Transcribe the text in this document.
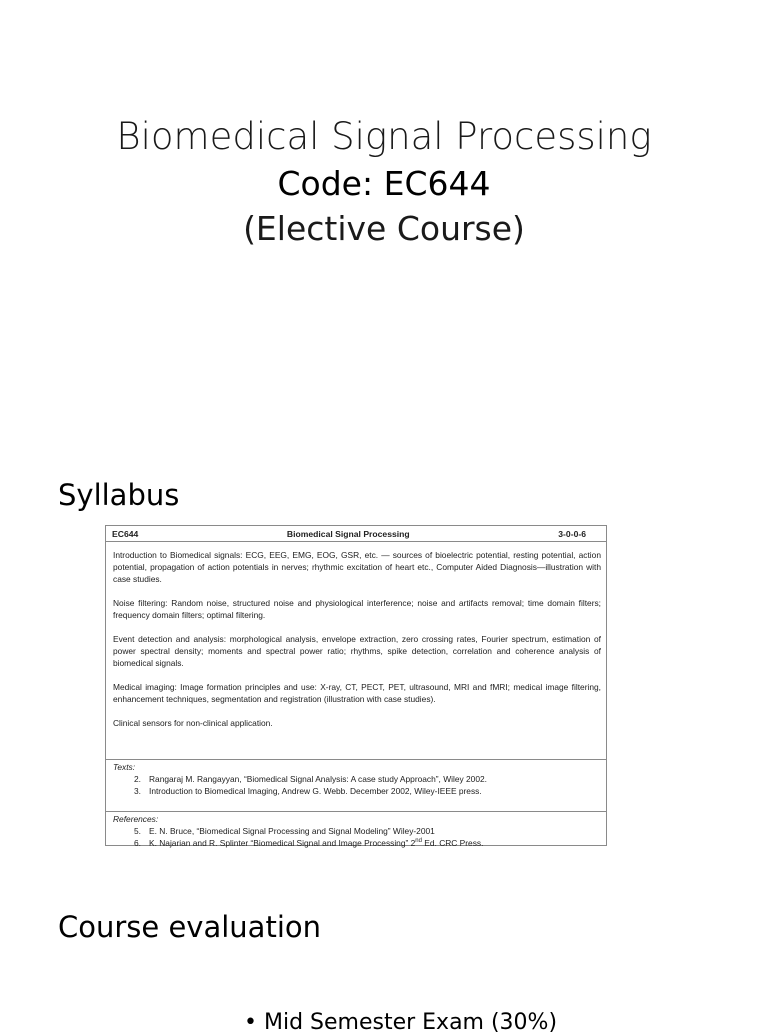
Biomedical Signal Processing
Code: EC644
(Elective Course)
Syllabus
EC644	Biomedical Signal Processing	3-0-0-6

Introduction to Biomedical signals: ECG, EEG, EMG, EOG, GSR, etc. — sources of bioelectric potential, resting potential, action potential, propagation of action potentials in nerves; rhythmic excitation of heart etc., Computer Aided Diagnosis—illustration with case studies.

Noise filtering: Random noise, structured noise and physiological interference; noise and artifacts removal; time domain filters; frequency domain filters; optimal filtering.

Event detection and analysis: morphological analysis, envelope extraction, zero crossing rates, Fourier spectrum, estimation of power spectral density; moments and spectral power ratio; rhythms, spike detection, correlation and coherence analysis of biomedical signals.

Medical imaging: Image formation principles and use: X-ray, CT, PECT, PET, ultrasound, MRI and fMRI; medical image filtering, enhancement techniques, segmentation and registration (illustration with case studies).

Clinical sensors for non-clinical application.

Texts:
2. Rangaraj M. Rangayyan, “Biomedical Signal Analysis: A case study Approach”, Wiley 2002.
3. Introduction to Biomedical Imaging, Andrew G. Webb. December 2002, Wiley-IEEE press.
References:
5. E. N. Bruce, “Biomedical Signal Processing and Signal Modeling” Wiley-2001
6. K. Najarian and R. Splinter “Biomedical Signal and Image Processing” 2nd Ed. CRC Press.
Course evaluation
• Mid Semester Exam (30%)
